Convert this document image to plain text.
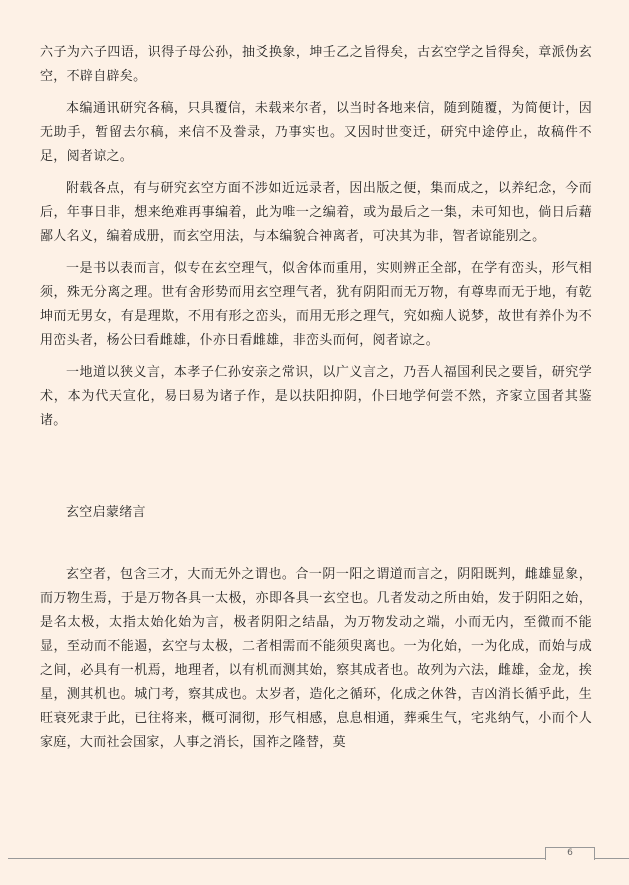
六子为六子四语，识得子母公孙，抽爻换象，坤壬乙之旨得矣，古玄空学之旨得矣，章派伪玄空，不辟自辟矣。

本编通讯研究各稿，只具覆信，未载来尔者，以当时各地来信，随到随覆，为简便计，因无助手，暂留去尔稿，来信不及誊录，乃事实也。又因时世变迁，研究中途停止，故稿件不足，阅者谅之。

附载各点，有与研究玄空方面不涉如近远录者，因出版之便，集而成之，以养纪念，今而后，年事日非，想来绝难再事编着，此为唯一之编着，或为最后之一集，未可知也，倘日后藉鄙人名义，编着成册，而玄空用法，与本编貌合神离者，可决其为非，智者谅能别之。

一是书以表而言，似专在玄空理气，似舍体而重用，实则辨正全部，在学有峦头，形气相须，殊无分离之理。世有舍形势而用玄空理气者，犹有阴阳而无万物，有尊卑而无于地，有乾坤而无男女，有是理欺，不用有形之峦头，而用无形之理气，究如痴人说梦，故世有养仆为不用峦头者，杨公曰看雌雄，仆亦日看雌雄，非峦头而何，阅者谅之。

一地道以狭义言，本孝子仁孙安亲之常识，以广义言之，乃吾人福国利民之要旨，研究学术，本为代天宣化，易曰易为诸子作，是以扶阳抑阴，仆曰地学何尝不然，齐家立国者其鉴诸。

玄空启蒙绪言

玄空者，包含三才，大而无外之谓也。合一阴一阳之谓道而言之，阴阳既判，雌雄显象，而万物生焉，于是万物各具一太极，亦即各具一玄空也。几者发动之所由始，发于阴阳之始，是名太极，太指太始化始为言，极者阴阳之结晶，为万物发动之端，小而无内，至微而不能显，至动而不能遏，玄空与太极，二者相需而不能须臾离也。一为化始，一为化成，而始与成之间，必具有一机焉，地理者，以有机而测其始，察其成者也。故列为六法，雌雄，金龙，挨星，测其机也。城门考，察其成也。太岁者，造化之循环，化成之休咎，吉凶消长循乎此，生旺衰死隶于此，已往将来，概可洞彻，形气相感，息息相通，葬乘生气，宅兆纳气，小而个人家庭，大而社会国家，人事之消长，国祚之隆替，莫

6
